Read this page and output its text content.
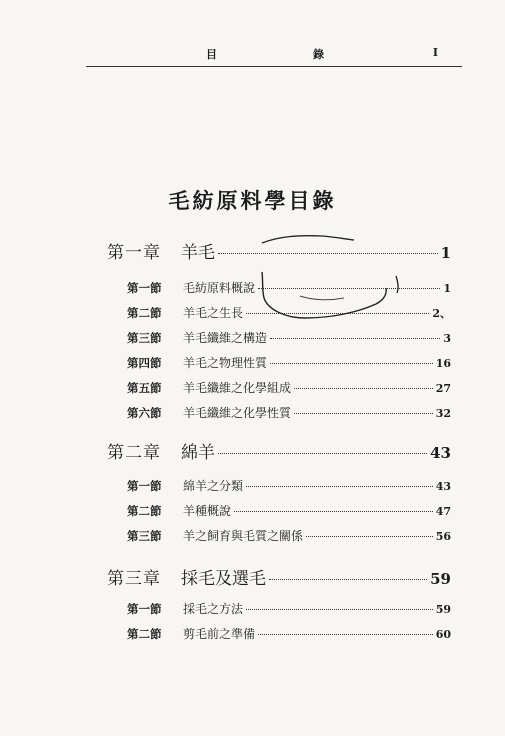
目	錄	I
毛紡原料學目錄
第一章	羊毛	1
第一節	毛紡原料概說	1
第二節	羊毛之生長	2、
第三節	羊毛纖維之構造	3
第四節	羊毛之物理性質	16
第五節	羊毛纖維之化學組成	27
第六節	羊毛纖維之化學性質	32
第二章	綿羊	43
第一節	綿羊之分類	43
第二節	羊種概說	47
第三節	羊之飼育與毛質之關係	56
第三章	採毛及選毛	59
第一節	採毛之方法	59
第二節	剪毛前之準備	60
